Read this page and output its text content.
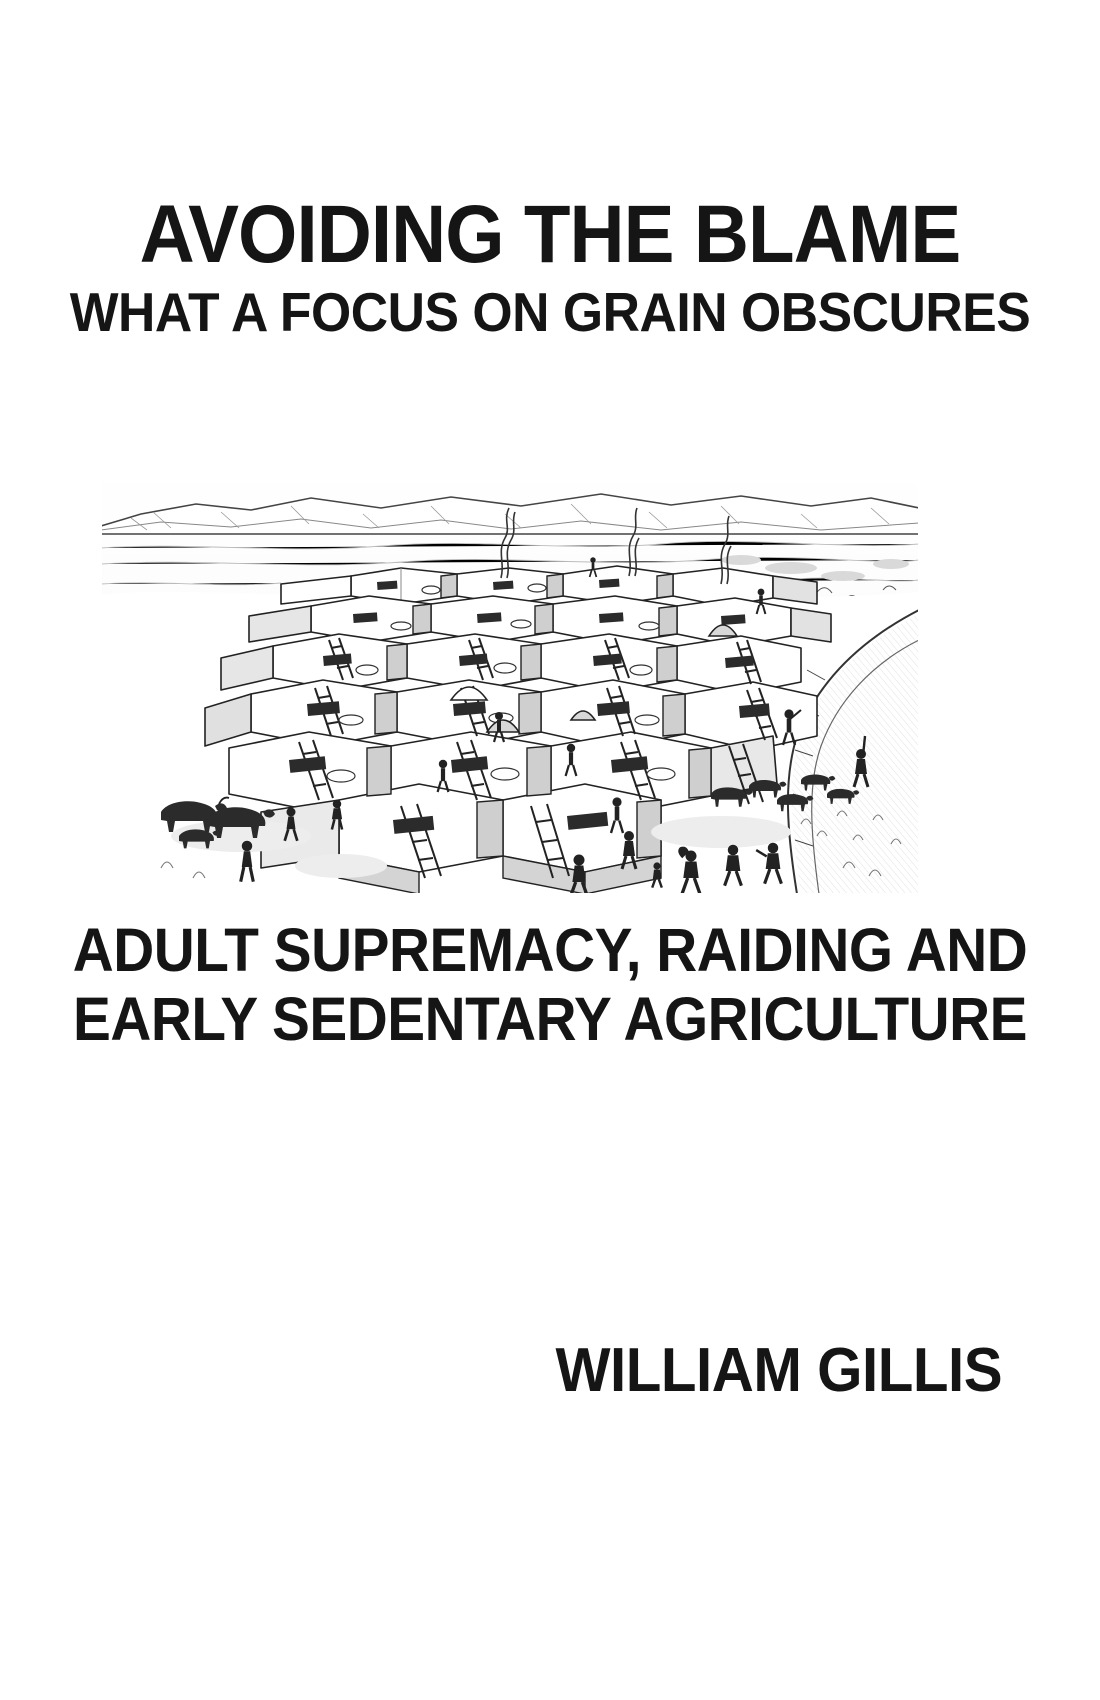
AVOIDING THE BLAME
WHAT A FOCUS ON GRAIN OBSCURES

ADULT SUPREMACY, RAIDING AND

EARLY SEDENTARY AGRICULTURE

WILLIAM GILLIS
